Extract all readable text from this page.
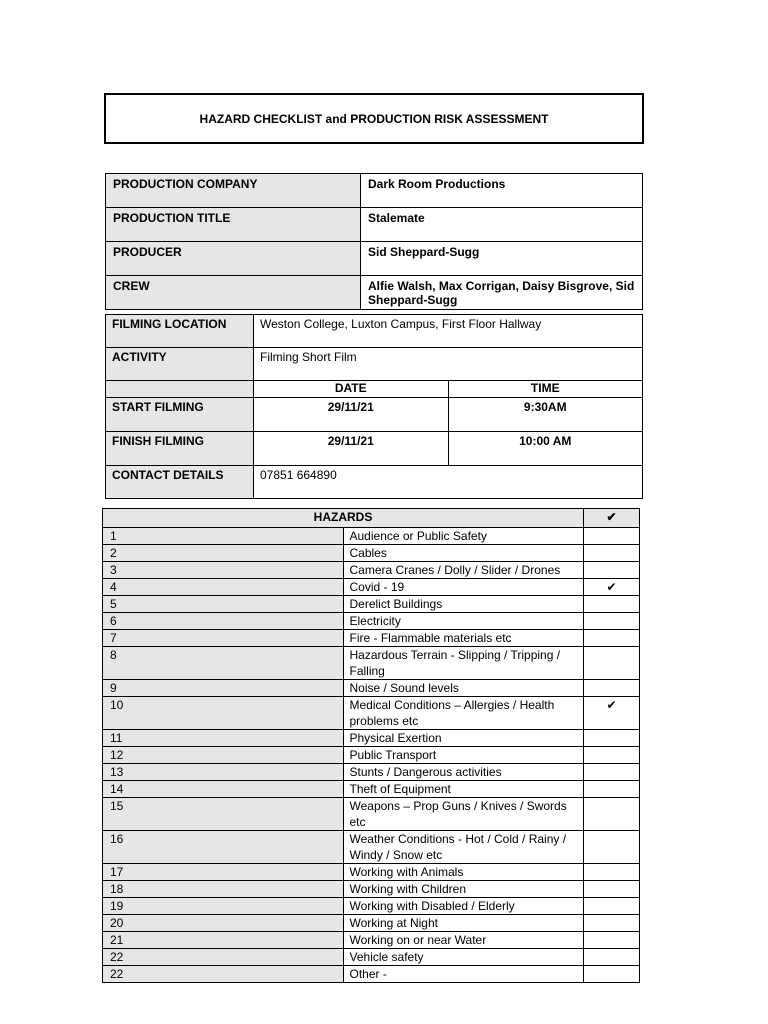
HAZARD CHECKLIST and PRODUCTION RISK ASSESSMENT
PRODUCTION COMPANY	Dark Room Productions
PRODUCTION TITLE	Stalemate
PRODUCER	Sid Sheppard-Sugg
CREW	Alfie Walsh, Max Corrigan, Daisy Bisgrove, Sid Sheppard-Sugg
FILMING LOCATION	Weston College, Luxton Campus, First Floor Hallway	
ACTIVITY	Filming Short Film	
	DATE	TIME
START FILMING	29/11/21	9:30AM
FINISH FILMING	29/11/21	10:00 AM
CONTACT DETAILS	07851 664890	
HAZARDS		✔
1	Audience or Public Safety	
2	Cables	
3	Camera Cranes / Dolly / Slider / Drones	
4	Covid - 19	✔
5	Derelict Buildings	
6	Electricity	
7	Fire - Flammable materials etc	
8	Hazardous Terrain - Slipping / Tripping / Falling	
9	Noise / Sound levels	
10	Medical Conditions – Allergies / Health problems etc	✔
11	Physical Exertion	
12	Public Transport	
13	Stunts / Dangerous activities	
14	Theft of Equipment	
15	Weapons – Prop Guns / Knives / Swords etc	
16	Weather Conditions - Hot / Cold / Rainy / Windy / Snow etc	
17	Working with Animals	
18	Working with Children	
19	Working with Disabled / Elderly	
20	Working at Night	
21	Working on or near Water	
22	Vehicle safety	
22	Other -	
